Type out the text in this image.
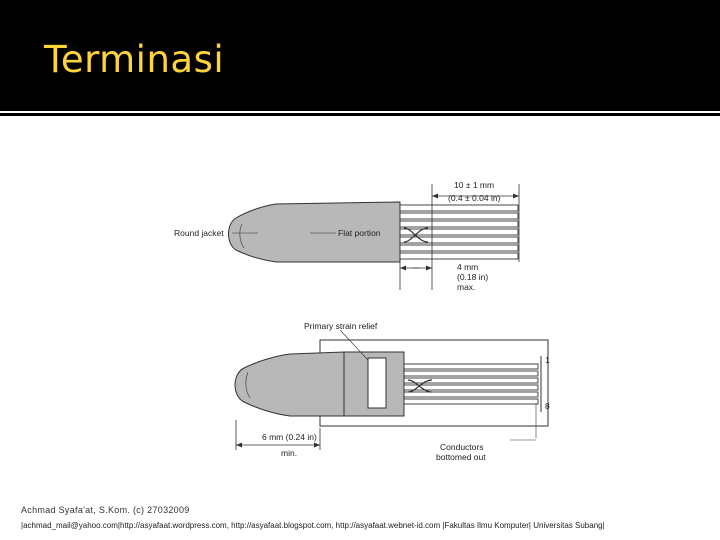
Terminasi
Round jacket	Flat portion
10 ± 1 mm
(0.4 ± 0.04 in)
4 mm
(0.18 in)
max.
Primary strain relief
1
8
6 mm (0.24 in)
min.
Conductors
bottomed out
Achmad Syafa'at, S.Kom. (c) 27032009
|achmad_mail@yahoo.com|http://asyafaat.wordpress.com, http://asyafaat.blogspot.com, http://asyafaat.webnet-id.com |Fakultas Ilmu Komputer| Universitas Subang|
